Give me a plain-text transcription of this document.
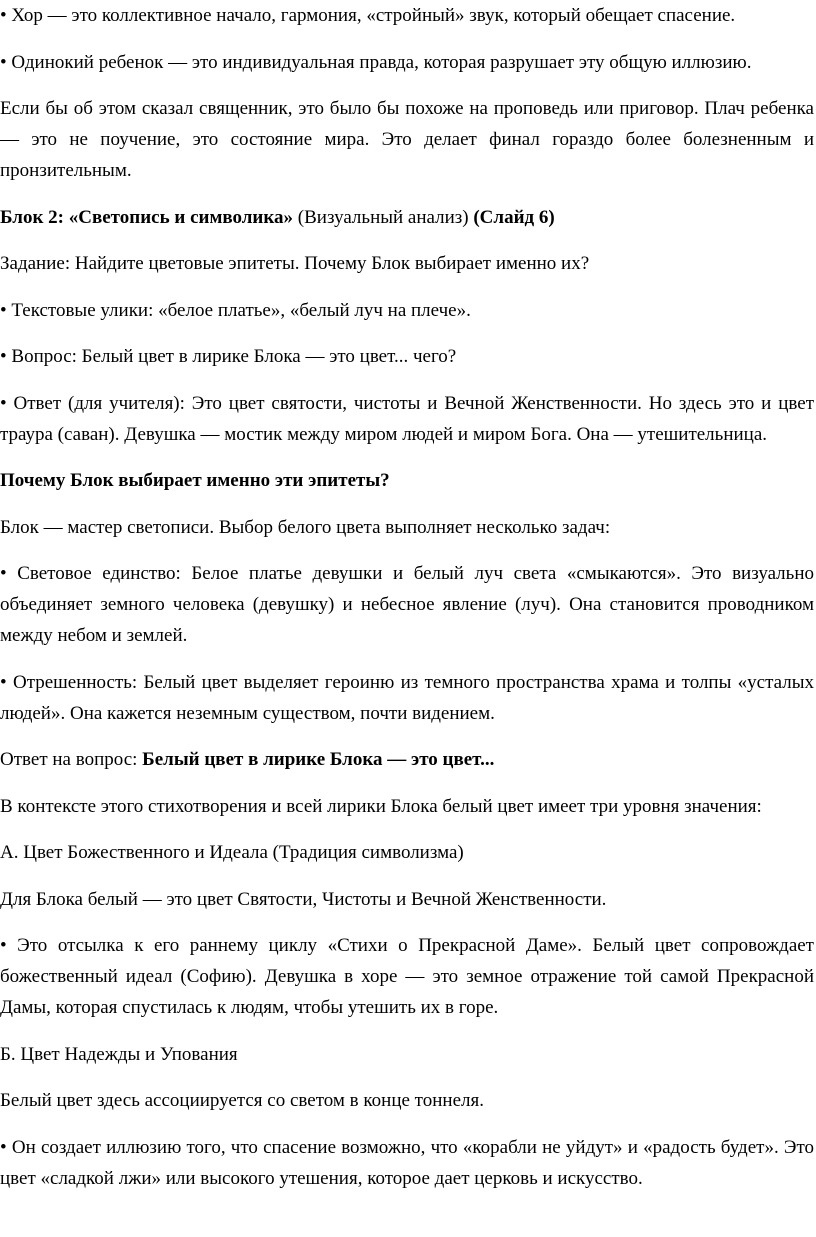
• Хор — это коллективное начало, гармония, «стройный» звук, который обещает спасение.
• Одинокий ребенок — это индивидуальная правда, которая разрушает эту общую иллюзию.
Если бы об этом сказал священник, это было бы похоже на проповедь или приговор. Плач ребенка — это не поучение, это состояние мира. Это делает финал гораздо более болезненным и пронзительным.
Блок 2: «Светопись и символика» (Визуальный анализ) (Слайд 6)
Задание: Найдите цветовые эпитеты. Почему Блок выбирает именно их?
• Текстовые улики: «белое платье», «белый луч на плече».
• Вопрос: Белый цвет в лирике Блока — это цвет... чего?
• Ответ (для учителя): Это цвет святости, чистоты и Вечной Женственности. Но здесь это и цвет траура (саван). Девушка — мостик между миром людей и миром Бога. Она — утешительница.
Почему Блок выбирает именно эти эпитеты?
Блок — мастер светописи. Выбор белого цвета выполняет несколько задач:
• Световое единство: Белое платье девушки и белый луч света «смыкаются». Это визуально объединяет земного человека (девушку) и небесное явление (луч). Она становится проводником между небом и землей.
• Отрешенность: Белый цвет выделяет героиню из темного пространства храма и толпы «усталых людей». Она кажется неземным существом, почти видением.
Ответ на вопрос: Белый цвет в лирике Блока — это цвет...
В контексте этого стихотворения и всей лирики Блока белый цвет имеет три уровня значения:
А. Цвет Божественного и Идеала (Традиция символизма)
Для Блока белый — это цвет Святости, Чистоты и Вечной Женственности.
• Это отсылка к его раннему циклу «Стихи о Прекрасной Даме». Белый цвет сопровождает божественный идеал (Софию). Девушка в хоре — это земное отражение той самой Прекрасной Дамы, которая спустилась к людям, чтобы утешить их в горе.
Б. Цвет Надежды и Упования
Белый цвет здесь ассоциируется со светом в конце тоннеля.
• Он создает иллюзию того, что спасение возможно, что «корабли не уйдут» и «радость будет». Это цвет «сладкой лжи» или высокого утешения, которое дает церковь и искусство.
